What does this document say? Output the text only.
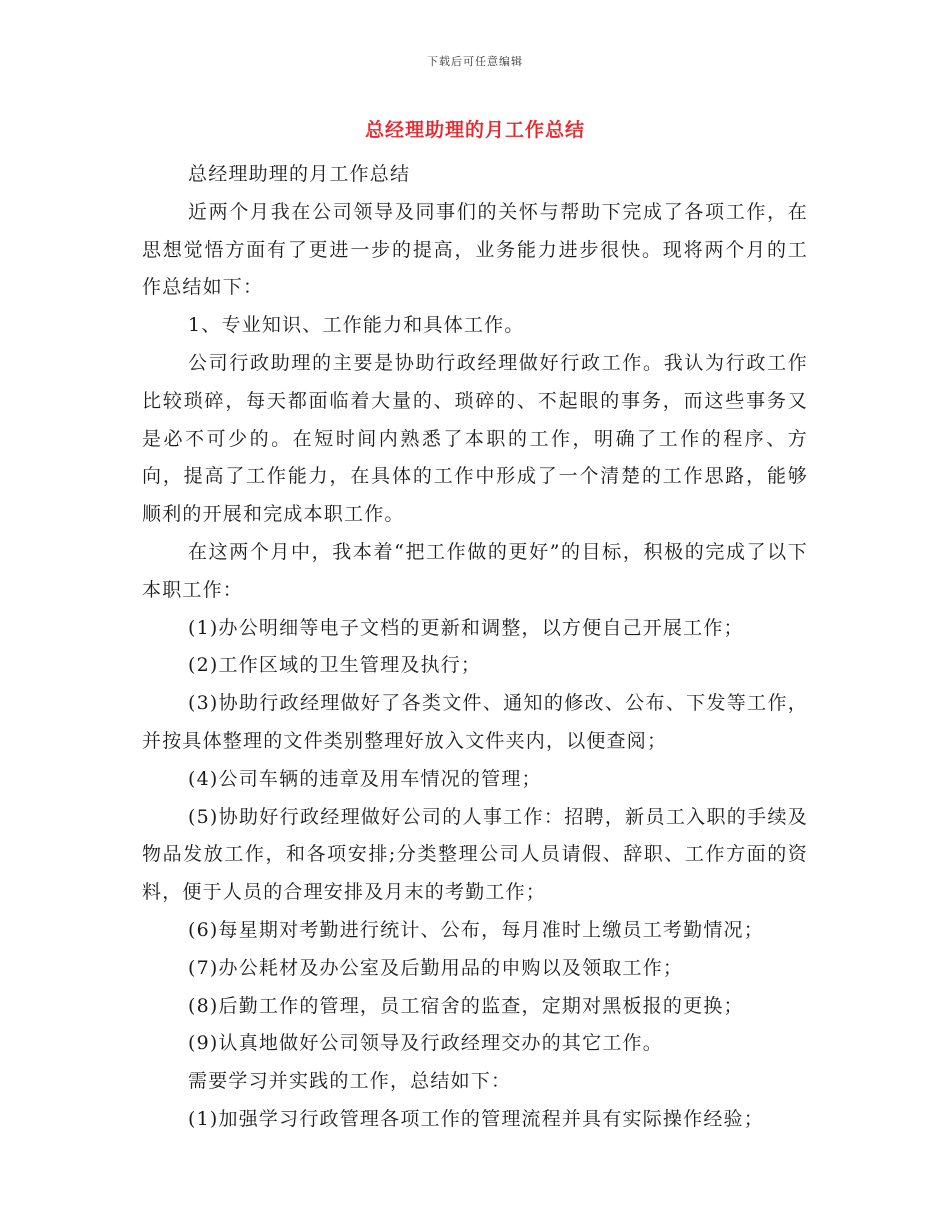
下载后可任意编辑
总经理助理的月工作总结

总经理助理的月工作总结

近两个月我在公司领导及同事们的关怀与帮助下完成了各项工作，在思想觉悟方面有了更进一步的提高，业务能力进步很快。现将两个月的工作总结如下：

1、专业知识、工作能力和具体工作。

公司行政助理的主要是协助行政经理做好行政工作。我认为行政工作比较琐碎，每天都面临着大量的、琐碎的、不起眼的事务，而这些事务又是必不可少的。在短时间内熟悉了本职的工作，明确了工作的程序、方向，提高了工作能力，在具体的工作中形成了一个清楚的工作思路，能够顺利的开展和完成本职工作。

在这两个月中，我本着“把工作做的更好”的目标，积极的完成了以下本职工作：

(1)办公明细等电子文档的更新和调整，以方便自己开展工作；

(2)工作区域的卫生管理及执行；

(3)协助行政经理做好了各类文件、通知的修改、公布、下发等工作，并按具体整理的文件类别整理好放入文件夹内，以便查阅；

(4)公司车辆的违章及用车情况的管理；

(5)协助好行政经理做好公司的人事工作：招聘，新员工入职的手续及物品发放工作，和各项安排;分类整理公司人员请假、辞职、工作方面的资料，便于人员的合理安排及月末的考勤工作；

(6)每星期对考勤进行统计、公布，每月准时上缴员工考勤情况；

(7)办公耗材及办公室及后勤用品的申购以及领取工作；

(8)后勤工作的管理，员工宿舍的监查，定期对黑板报的更换；

(9)认真地做好公司领导及行政经理交办的其它工作。

需要学习并实践的工作，总结如下：

(1)加强学习行政管理各项工作的管理流程并具有实际操作经验；
